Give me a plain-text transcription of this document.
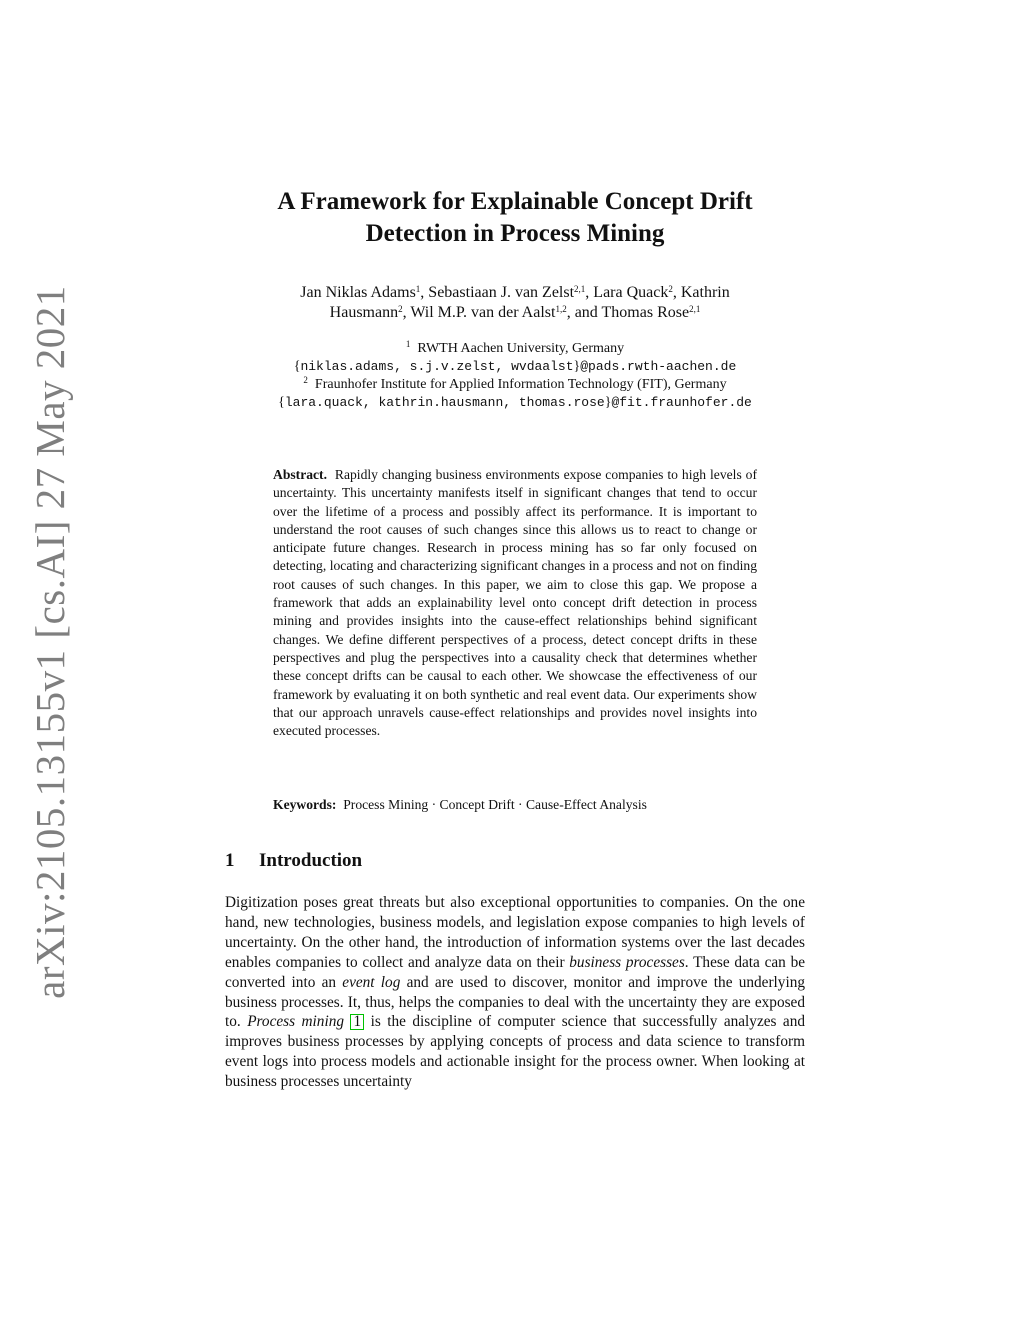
arXiv:2105.13155v1 [cs.AI] 27 May 2021
A Framework for Explainable Concept Drift
Detection in Process Mining
Jan Niklas Adams$^1$, Sebastiaan J. van Zelst$^{2,1}$, Lara Quack$^2$, Kathrin
Hausmann$^2$, Wil M.P. van der Aalst$^{1,2}$, and Thomas Rose$^{2,1}$
$^1$ RWTH Aachen University, Germany
{niklas.adams, s.j.v.zelst, wvdaalst}@pads.rwth-aachen.de
$^2$ Fraunhofer Institute for Applied Information Technology (FIT), Germany
{lara.quack, kathrin.hausmann, thomas.rose}@fit.fraunhofer.de
Abstract. Rapidly changing business environments expose companies to high levels of uncertainty. This uncertainty manifests itself in significant changes that tend to occur over the lifetime of a process and possibly affect its performance. It is important to understand the root causes of such changes since this allows us to react to change or anticipate future changes. Research in process mining has so far only focused on detecting, locating and characterizing significant changes in a process and not on finding root causes of such changes. In this paper, we aim to close this gap. We propose a framework that adds an explainability level onto concept drift detection in process mining and provides insights into the cause-effect relationships behind significant changes. We define different perspectives of a process, detect concept drifts in these perspectives and plug the perspectives into a causality check that determines whether these concept drifts can be causal to each other. We showcase the effectiveness of our framework by evaluating it on both synthetic and real event data. Our experiments show that our approach unravels cause-effect relationships and provides novel insights into executed processes.
Keywords: Process Mining · Concept Drift · Cause-Effect Analysis
1 Introduction
Digitization poses great threats but also exceptional opportunities to companies. On the one hand, new technologies, business models, and legislation expose companies to high levels of uncertainty. On the other hand, the introduction of information systems over the last decades enables companies to collect and analyze data on their business processes. These data can be converted into an event log and are used to discover, monitor and improve the underlying business processes. It, thus, helps the companies to deal with the uncertainty they are exposed to. Process mining 1 is the discipline of computer science that successfully analyzes and improves business processes by applying concepts of process and data science to transform event logs into process models and actionable insight for the process owner. When looking at business processes uncertainty
